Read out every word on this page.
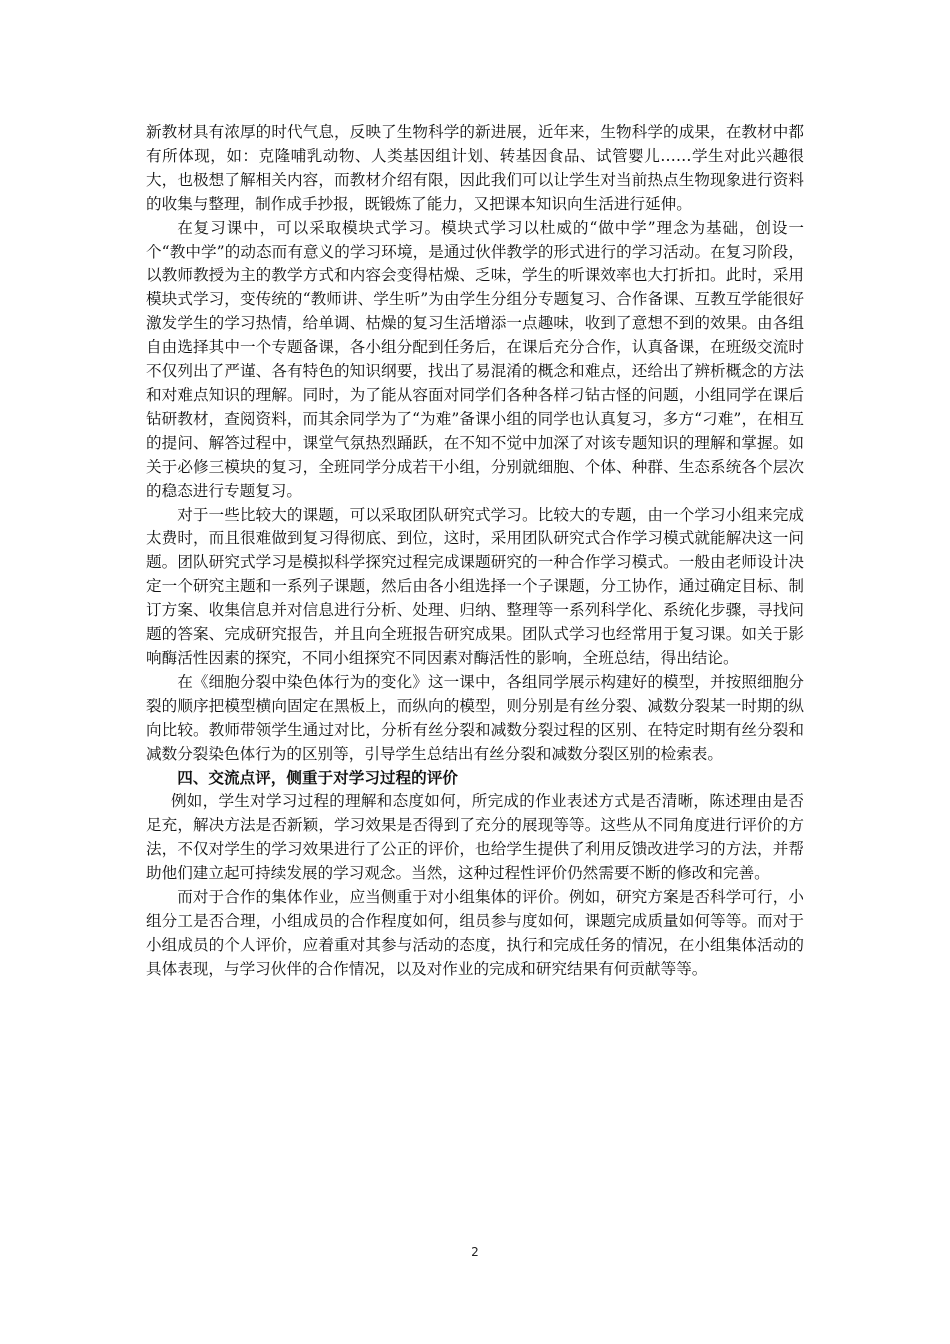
新教材具有浓厚的时代气息，反映了生物科学的新进展，近年来，生物科学的成果，在教材中都有所体现，如：克隆哺乳动物、人类基因组计划、转基因食品、试管婴儿……学生对此兴趣很大，也极想了解相关内容，而教材介绍有限，因此我们可以让学生对当前热点生物现象进行资料的收集与整理，制作成手抄报，既锻炼了能力，又把课本知识向生活进行延伸。

在复习课中，可以采取模块式学习。模块式学习以杜威的“做中学”理念为基础，创设一个“教中学”的动态而有意义的学习环境，是通过伙伴教学的形式进行的学习活动。在复习阶段，以教师教授为主的教学方式和内容会变得枯燥、乏味，学生的听课效率也大打折扣。此时，采用模块式学习，变传统的“教师讲、学生听”为由学生分组分专题复习、合作备课、互教互学能很好激发学生的学习热情，给单调、枯燥的复习生活增添一点趣味，收到了意想不到的效果。由各组自由选择其中一个专题备课，各小组分配到任务后，在课后充分合作，认真备课，在班级交流时不仅列出了严谨、各有特色的知识纲要，找出了易混淆的概念和难点，还给出了辨析概念的方法和对难点知识的理解。同时，为了能从容面对同学们各种各样刁钻古怪的问题，小组同学在课后钻研教材，查阅资料，而其余同学为了“为难”备课小组的同学也认真复习，多方“刁难”，在相互的提问、解答过程中，课堂气氛热烈踊跃，在不知不觉中加深了对该专题知识的理解和掌握。如关于必修三模块的复习，全班同学分成若干小组，分别就细胞、个体、种群、生态系统各个层次的稳态进行专题复习。

对于一些比较大的课题，可以采取团队研究式学习。比较大的专题，由一个学习小组来完成太费时，而且很难做到复习得彻底、到位，这时，采用团队研究式合作学习模式就能解决这一问题。团队研究式学习是模拟科学探究过程完成课题研究的一种合作学习模式。一般由老师设计决定一个研究主题和一系列子课题，然后由各小组选择一个子课题，分工协作，通过确定目标、制订方案、收集信息并对信息进行分析、处理、归纳、整理等一系列科学化、系统化步骤，寻找问题的答案、完成研究报告，并且向全班报告研究成果。团队式学习也经常用于复习课。如关于影响酶活性因素的探究，不同小组探究不同因素对酶活性的影响，全班总结，得出结论。

在《细胞分裂中染色体行为的变化》这一课中，各组同学展示构建好的模型，并按照细胞分裂的顺序把模型横向固定在黑板上，而纵向的模型，则分别是有丝分裂、减数分裂某一时期的纵向比较。教师带领学生通过对比，分析有丝分裂和减数分裂过程的区别、在特定时期有丝分裂和减数分裂染色体行为的区别等，引导学生总结出有丝分裂和减数分裂区别的检索表。

四、交流点评，侧重于对学习过程的评价

例如，学生对学习过程的理解和态度如何，所完成的作业表述方式是否清晰，陈述理由是否足充，解决方法是否新颖，学习效果是否得到了充分的展现等等。这些从不同角度进行评价的方法，不仅对学生的学习效果进行了公正的评价，也给学生提供了利用反馈改进学习的方法，并帮助他们建立起可持续发展的学习观念。当然，这种过程性评价仍然需要不断的修改和完善。

而对于合作的集体作业，应当侧重于对小组集体的评价。例如，研究方案是否科学可行，小组分工是否合理，小组成员的合作程度如何，组员参与度如何，课题完成质量如何等等。而对于小组成员的个人评价，应着重对其参与活动的态度，执行和完成任务的情况，在小组集体活动的具体表现，与学习伙伴的合作情况，以及对作业的完成和研究结果有何贡献等等。

2
